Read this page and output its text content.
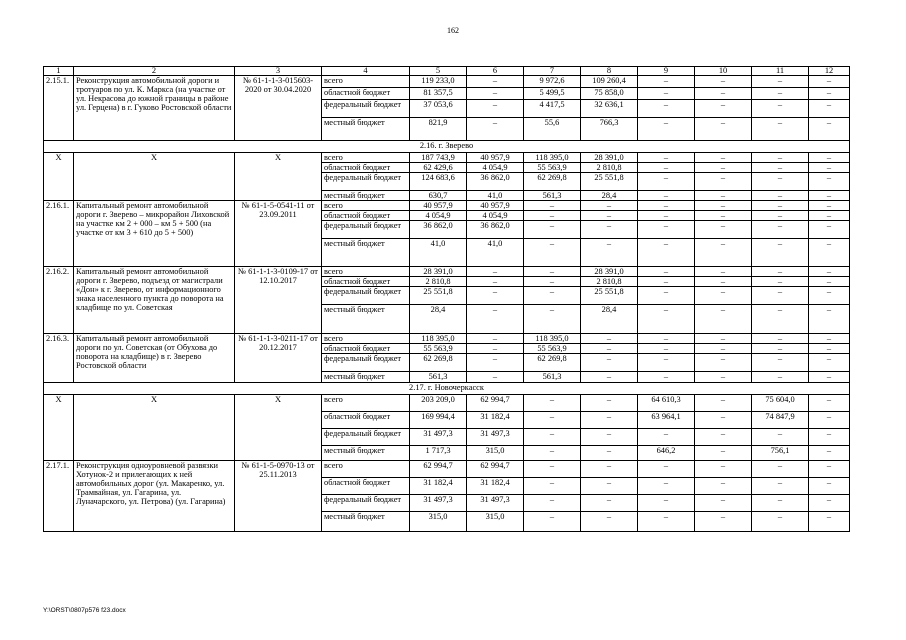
162
1	2	3	4	5	6	7	8	9	10	11	12
2.15.1.	Реконструкция автомобильной дороги и тротуаров по ул. К. Маркса (на участке от ул. Некрасова до южной границы в районе ул. Герцена) в г. Гуково Ростовской области	№ 61-1-1-3-015603-2020 от 30.04.2020	всего	119 233,0	–	9 972,6	109 260,4	–	–	–	–
			областной бюджет	81 357,5	–	5 499,5	75 858,0	–	–	–	–
			федеральный бюджет	37 053,6	–	4 417,5	32 636,1	–	–	–	–
			местный бюджет	821,9	–	55,6	766,3	–	–	–	–
2.16. г. Зверево											
Х	Х	Х	всего	187 743,9	40 957,9	118 395,0	28 391,0	–	–	–	–
			областной бюджет	62 429,6	4 054,9	55 563,9	2 810,8	–	–	–	–
			федеральный бюджет	124 683,6	36 862,0	62 269,8	25 551,8	–	–	–	–
			местный бюджет	630,7	41,0	561,3	28,4	–	–	–	–
2.16.1.	Капитальный ремонт автомобильной дороги г. Зверево – микрорайон Лиховской на участке км 2 + 000 – км 5 + 500 (на участке от км 3 + 610 до 5 + 500)	№ 61-1-5-0541-11 от 23.09.2011	всего	40 957,9	40 957,9	–	–	–	–	–	–
			областной бюджет	4 054,9	4 054,9	–	–	–	–	–	–
			федеральный бюджет	36 862,0	36 862,0	–	–	–	–	–	–
			местный бюджет	41,0	41,0	–	–	–	–	–	–
2.16.2.	Капитальный ремонт автомобильной дороги г. Зверево, подъезд от магистрали «Дон» к г. Зверево, от информационного знака населенного пункта до поворота на кладбище по ул. Советская	№ 61-1-1-3-0109-17 от 12.10.2017	всего	28 391,0	–	–	28 391,0	–	–	–	–
			областной бюджет	2 810,8	–	–	2 810,8	–	–	–	–
			федеральный бюджет	25 551,8	–	–	25 551,8	–	–	–	–
			местный бюджет	28,4	–	–	28,4	–	–	–	–
2.16.3.	Капитальный ремонт автомобильной дороги по ул. Советская (от Обухова до поворота на кладбище) в г. Зверево Ростовской области	№ 61-1-1-3-0211-17 от 20.12.2017	всего	118 395,0	–	118 395,0	–	–	–	–	–
			областной бюджет	55 563,9	–	55 563,9	–	–	–	–	–
			федеральный бюджет	62 269,8	–	62 269,8	–	–	–	–	–
			местный бюджет	561,3	–	561,3	–	–	–	–	–
2.17. г. Новочеркасск											
Х	Х	Х	всего	203 209,0	62 994,7	–	–	64 610,3	–	75 604,0	–
			областной бюджет	169 994,4	31 182,4	–	–	63 964,1	–	74 847,9	–
			федеральный бюджет	31 497,3	31 497,3	–	–	–	–	–	–
			местный бюджет	1 717,3	315,0	–	–	646,2	–	756,1	–
2.17.1.	Реконструкция одноуровневой развязки Хотунок-2 и прилегающих к ней автомобильных дорог (ул. Макаренко, ул. Трамвайная, ул. Гагарина, ул. Луначарского, ул. Петрова) (ул. Гагарина)	№ 61-1-5-0970-13 от 25.11.2013	всего	62 994,7	62 994,7	–	–	–	–	–	–
			областной бюджет	31 182,4	31 182,4	–	–	–	–	–	–
			федеральный бюджет	31 497,3	31 497,3	–	–	–	–	–	–
			местный бюджет	315,0	315,0	–	–	–	–	–	–
Y:\ORST\0807p576 f23.docx
